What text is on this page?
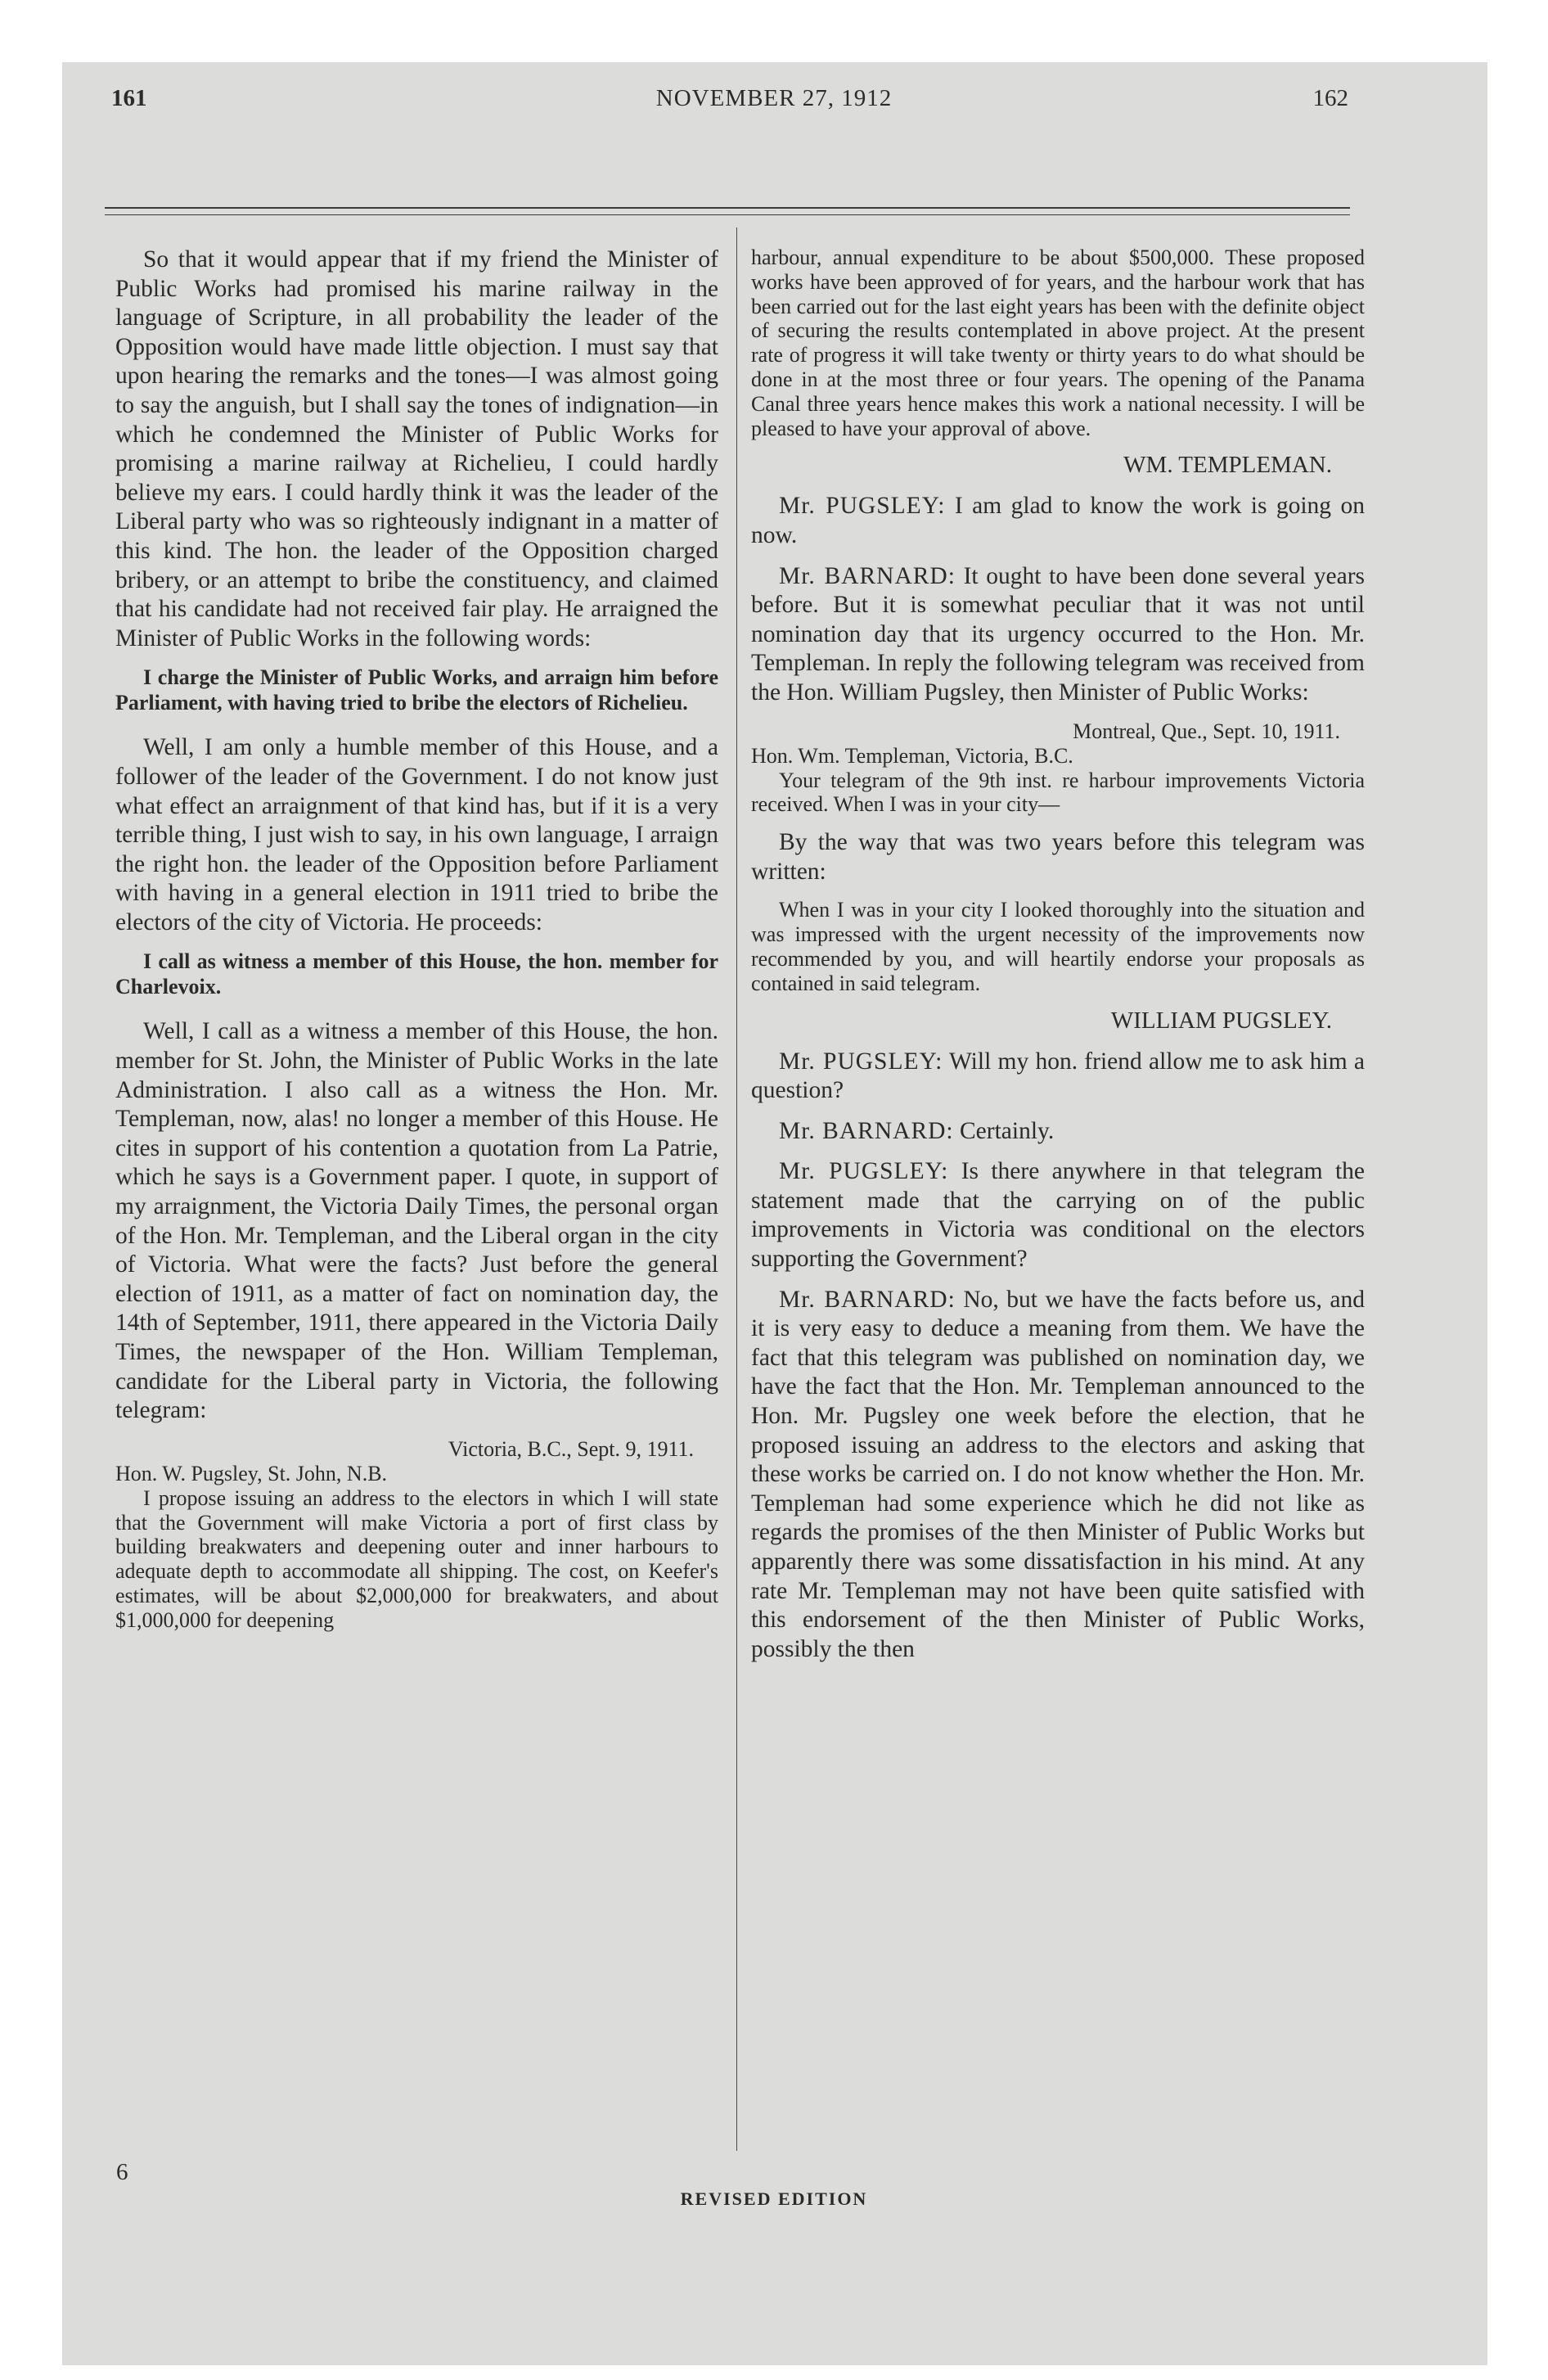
161	NOVEMBER 27, 1912	162

So that it would appear that if my friend the Minister of Public Works had promised his marine railway in the language of Scripture, in all probability the leader of the Opposition would have made little objection. I must say that upon hearing the remarks and the tones—I was almost going to say the anguish, but I shall say the tones of indignation—in which he condemned the Minister of Public Works for promising a marine railway at Richelieu, I could hardly believe my ears. I could hardly think it was the leader of the Liberal party who was so righteously indignant in a matter of this kind. The hon. the leader of the Opposition charged bribery, or an attempt to bribe the constituency, and claimed that his candidate had not received fair play. He arraigned the Minister of Public Works in the following words:

I charge the Minister of Public Works, and arraign him before Parliament, with having tried to bribe the electors of Richelieu.

Well, I am only a humble member of this House, and a follower of the leader of the Government. I do not know just what effect an arraignment of that kind has, but if it is a very terrible thing, I just wish to say, in his own language, I arraign the right hon. the leader of the Opposition before Parliament with having in a general election in 1911 tried to bribe the electors of the city of Victoria. He proceeds:

I call as witness a member of this House, the hon. member for Charlevoix.

Well, I call as a witness a member of this House, the hon. member for St. John, the Minister of Public Works in the late Administration. I also call as a witness the Hon. Mr. Templeman, now, alas! no longer a member of this House. He cites in support of his contention a quotation from La Patrie, which he says is a Government paper. I quote, in support of my arraignment, the Victoria Daily Times, the personal organ of the Hon. Mr. Templeman, and the Liberal organ in the city of Victoria. What were the facts? Just before the general election of 1911, as a matter of fact on nomination day, the 14th of September, 1911, there appeared in the Victoria Daily Times, the newspaper of the Hon. William Templeman, candidate for the Liberal party in Victoria, the following telegram:

Victoria, B.C., Sept. 9, 1911.

Hon. W. Pugsley, St. John, N.B.

I propose issuing an address to the electors in which I will state that the Government will make Victoria a port of first class by building breakwaters and deepening outer and inner harbours to adequate depth to accommodate all shipping. The cost, on Keefer's estimates, will be about $2,000,000 for breakwaters, and about $1,000,000 for deepening

harbour, annual expenditure to be about $500,000. These proposed works have been approved of for years, and the harbour work that has been carried out for the last eight years has been with the definite object of securing the results contemplated in above project. At the present rate of progress it will take twenty or thirty years to do what should be done in at the most three or four years. The opening of the Panama Canal three years hence makes this work a national necessity. I will be pleased to have your approval of above.

WM. TEMPLEMAN.

Mr. PUGSLEY: I am glad to know the work is going on now.

Mr. BARNARD: It ought to have been done several years before. But it is somewhat peculiar that it was not until nomination day that its urgency occurred to the Hon. Mr. Templeman. In reply the following telegram was received from the Hon. William Pugsley, then Minister of Public Works:

Montreal, Que., Sept. 10, 1911.

Hon. Wm. Templeman, Victoria, B.C.

Your telegram of the 9th inst. re harbour improvements Victoria received. When I was in your city—

By the way that was two years before this telegram was written:

When I was in your city I looked thoroughly into the situation and was impressed with the urgent necessity of the improvements now recommended by you, and will heartily endorse your proposals as contained in said telegram.

WILLIAM PUGSLEY.

Mr. PUGSLEY: Will my hon. friend allow me to ask him a question?

Mr. BARNARD: Certainly.

Mr. PUGSLEY: Is there anywhere in that telegram the statement made that the carrying on of the public improvements in Victoria was conditional on the electors supporting the Government?

Mr. BARNARD: No, but we have the facts before us, and it is very easy to deduce a meaning from them. We have the fact that this telegram was published on nomination day, we have the fact that the Hon. Mr. Templeman announced to the Hon. Mr. Pugsley one week before the election, that he proposed issuing an address to the electors and asking that these works be carried on. I do not know whether the Hon. Mr. Templeman had some experience which he did not like as regards the promises of the then Minister of Public Works but apparently there was some dissatisfaction in his mind. At any rate Mr. Templeman may not have been quite satisfied with this endorsement of the then Minister of Public Works, possibly the then

6
REVISED EDITION
